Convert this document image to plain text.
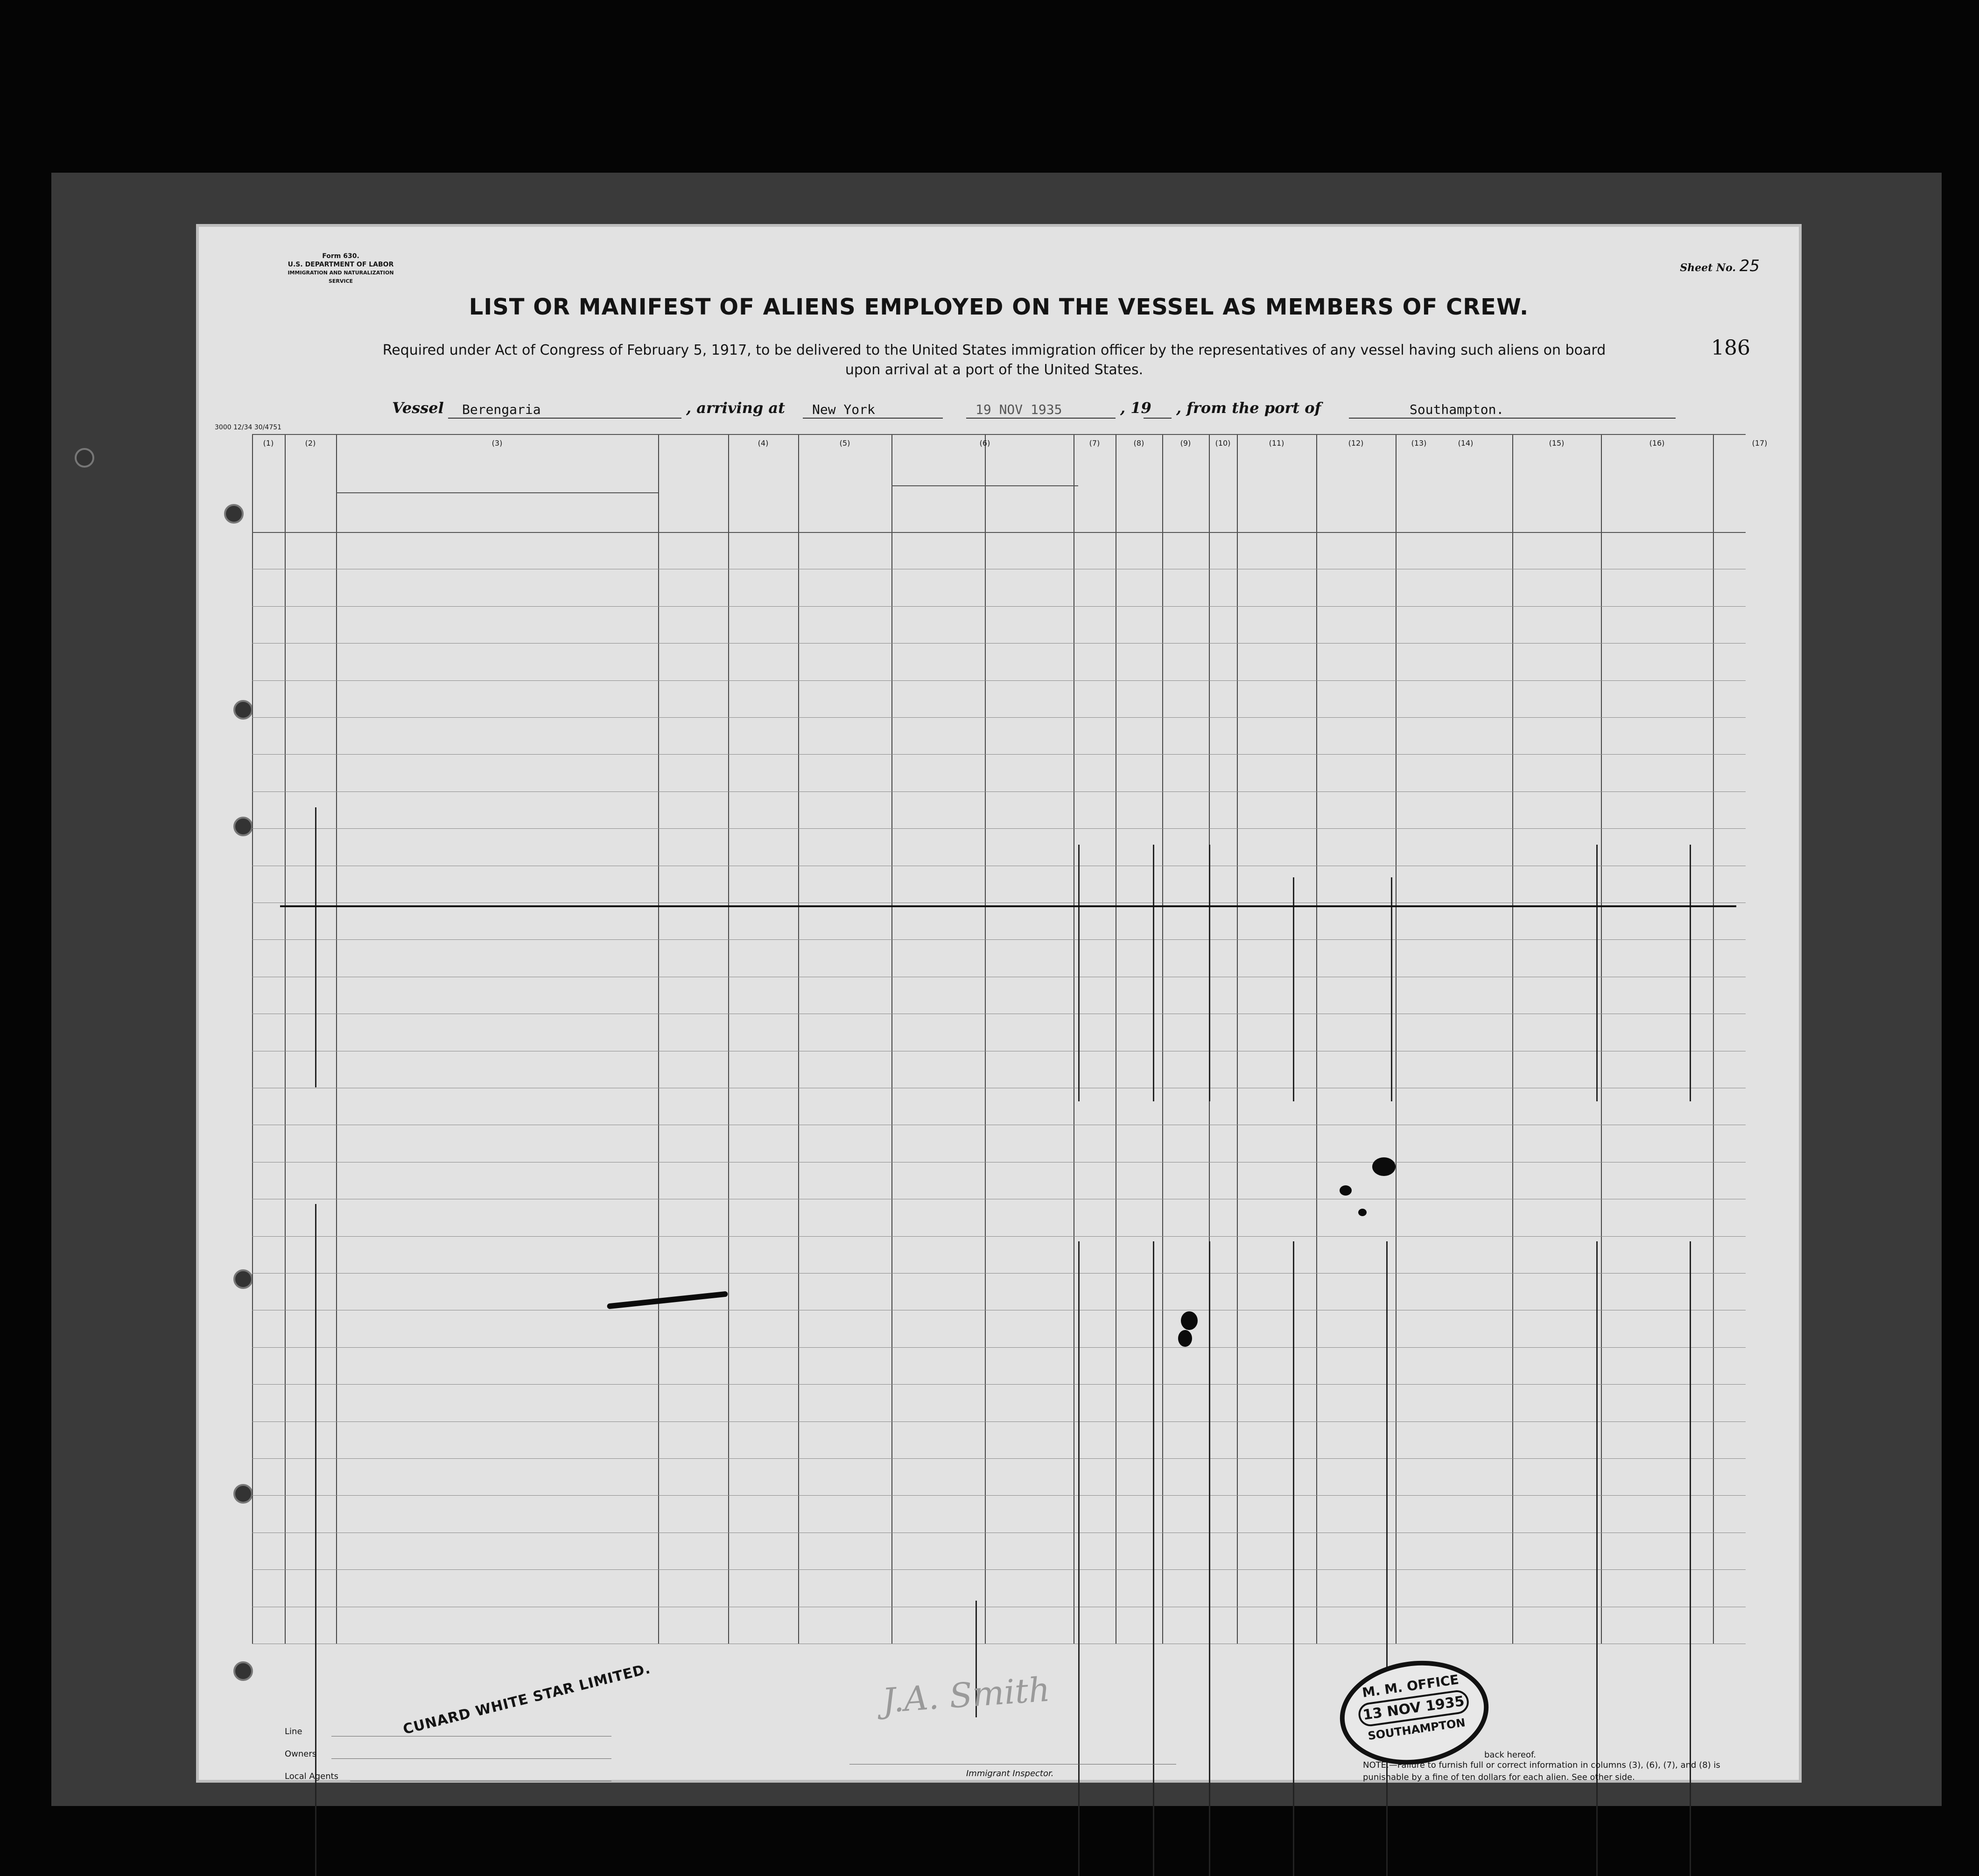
Form 630.
U.S. DEPARTMENT OF LABOR
IMMIGRATION AND NATURALIZATION SERVICE
Sheet No. 25
LIST OR MANIFEST OF ALIENS EMPLOYED ON THE VESSEL AS MEMBERS OF CREW.
Required under Act of Congress of February 5, 1917, to be delivered to the United States immigration officer by the representatives of any vessel having such aliens on board upon arrival at a port of the United States.
186
Vessel Berengaria	, arriving at New York	19 NOV 1935	, 19 , from the port of	Southampton.
3000 12/34 30/4751
(1)	(2)	(3)	(4)	(5)	(6)	(7)	(8)	(9)	(10)	(11)	(12)	(13)	(14)	(15)	(16)	(17)
Line
Owners
Local Agents
CUNARD WHITE STAR LIMITED.	J.A. Smith
Immigrant Inspector.
M. M. OFFICE
13 NOV 1935
SOUTHAMPTON
back hereof.
NOTE.—Failure to furnish full or correct information in columns (3), (6), (7), and (8) is punishable by a fine of ten dollars for each alien. See other side.
